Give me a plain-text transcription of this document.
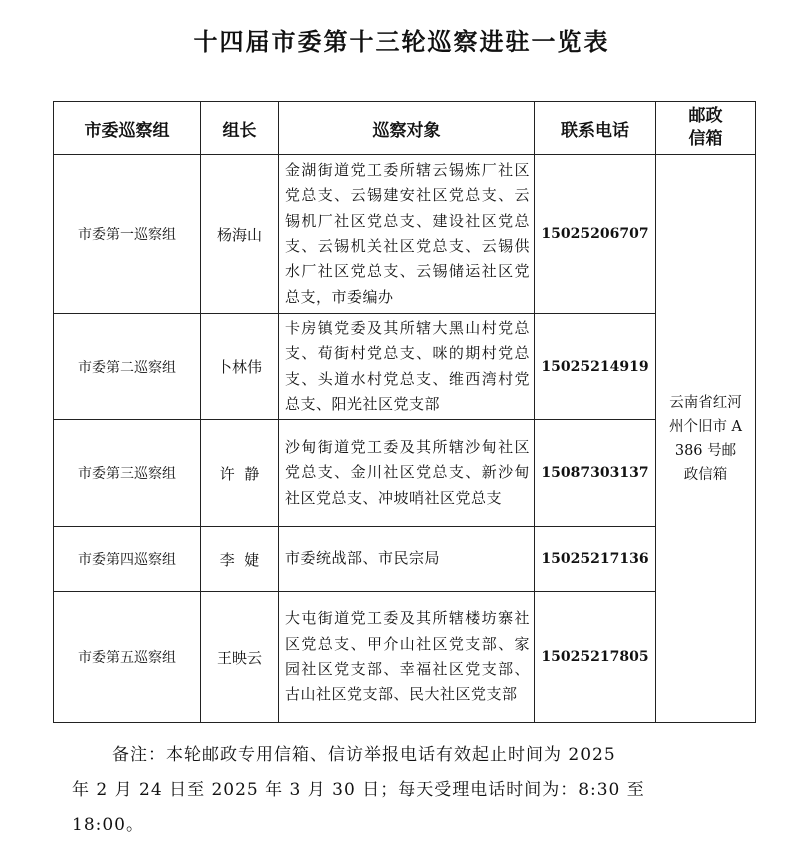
十四届市委第十三轮巡察进驻一览表
市委巡察组	组长	巡察对象	联系电话	邮政
信箱
市委第一巡察组	杨海山	金湖街道党工委所辖云锡炼厂社区党总支、云锡建安社区党总支、云锡机厂社区党总支、建设社区党总支、云锡机关社区党总支、云锡供水厂社区党总支、云锡储运社区党总支，市委编办	15025206707	云南省红河州个旧市 A386 号邮政信箱
市委第二巡察组	卜林伟	卡房镇党委及其所辖大黑山村党总支、荀街村党总支、咪的期村党总支、头道水村党总支、维西湾村党总支、阳光社区党支部	15025214919	
市委第三巡察组	许  静	沙甸街道党工委及其所辖沙甸社区党总支、金川社区党总支、新沙甸社区党总支、冲坡哨社区党总支	15087303137	
市委第四巡察组	李  婕	市委统战部、市民宗局	15025217136	
市委第五巡察组	王映云	大屯街道党工委及其所辖楼坊寨社区党总支、甲介山社区党支部、家园社区党支部、幸福社区党支部、古山社区党支部、民大社区党支部	15025217805	

备注：本轮邮政专用信箱、信访举报电话有效起止时间为 2025

年 2 月 24 日至 2025 年 3 月 30 日；每天受理电话时间为：8:30 至

18:00。
